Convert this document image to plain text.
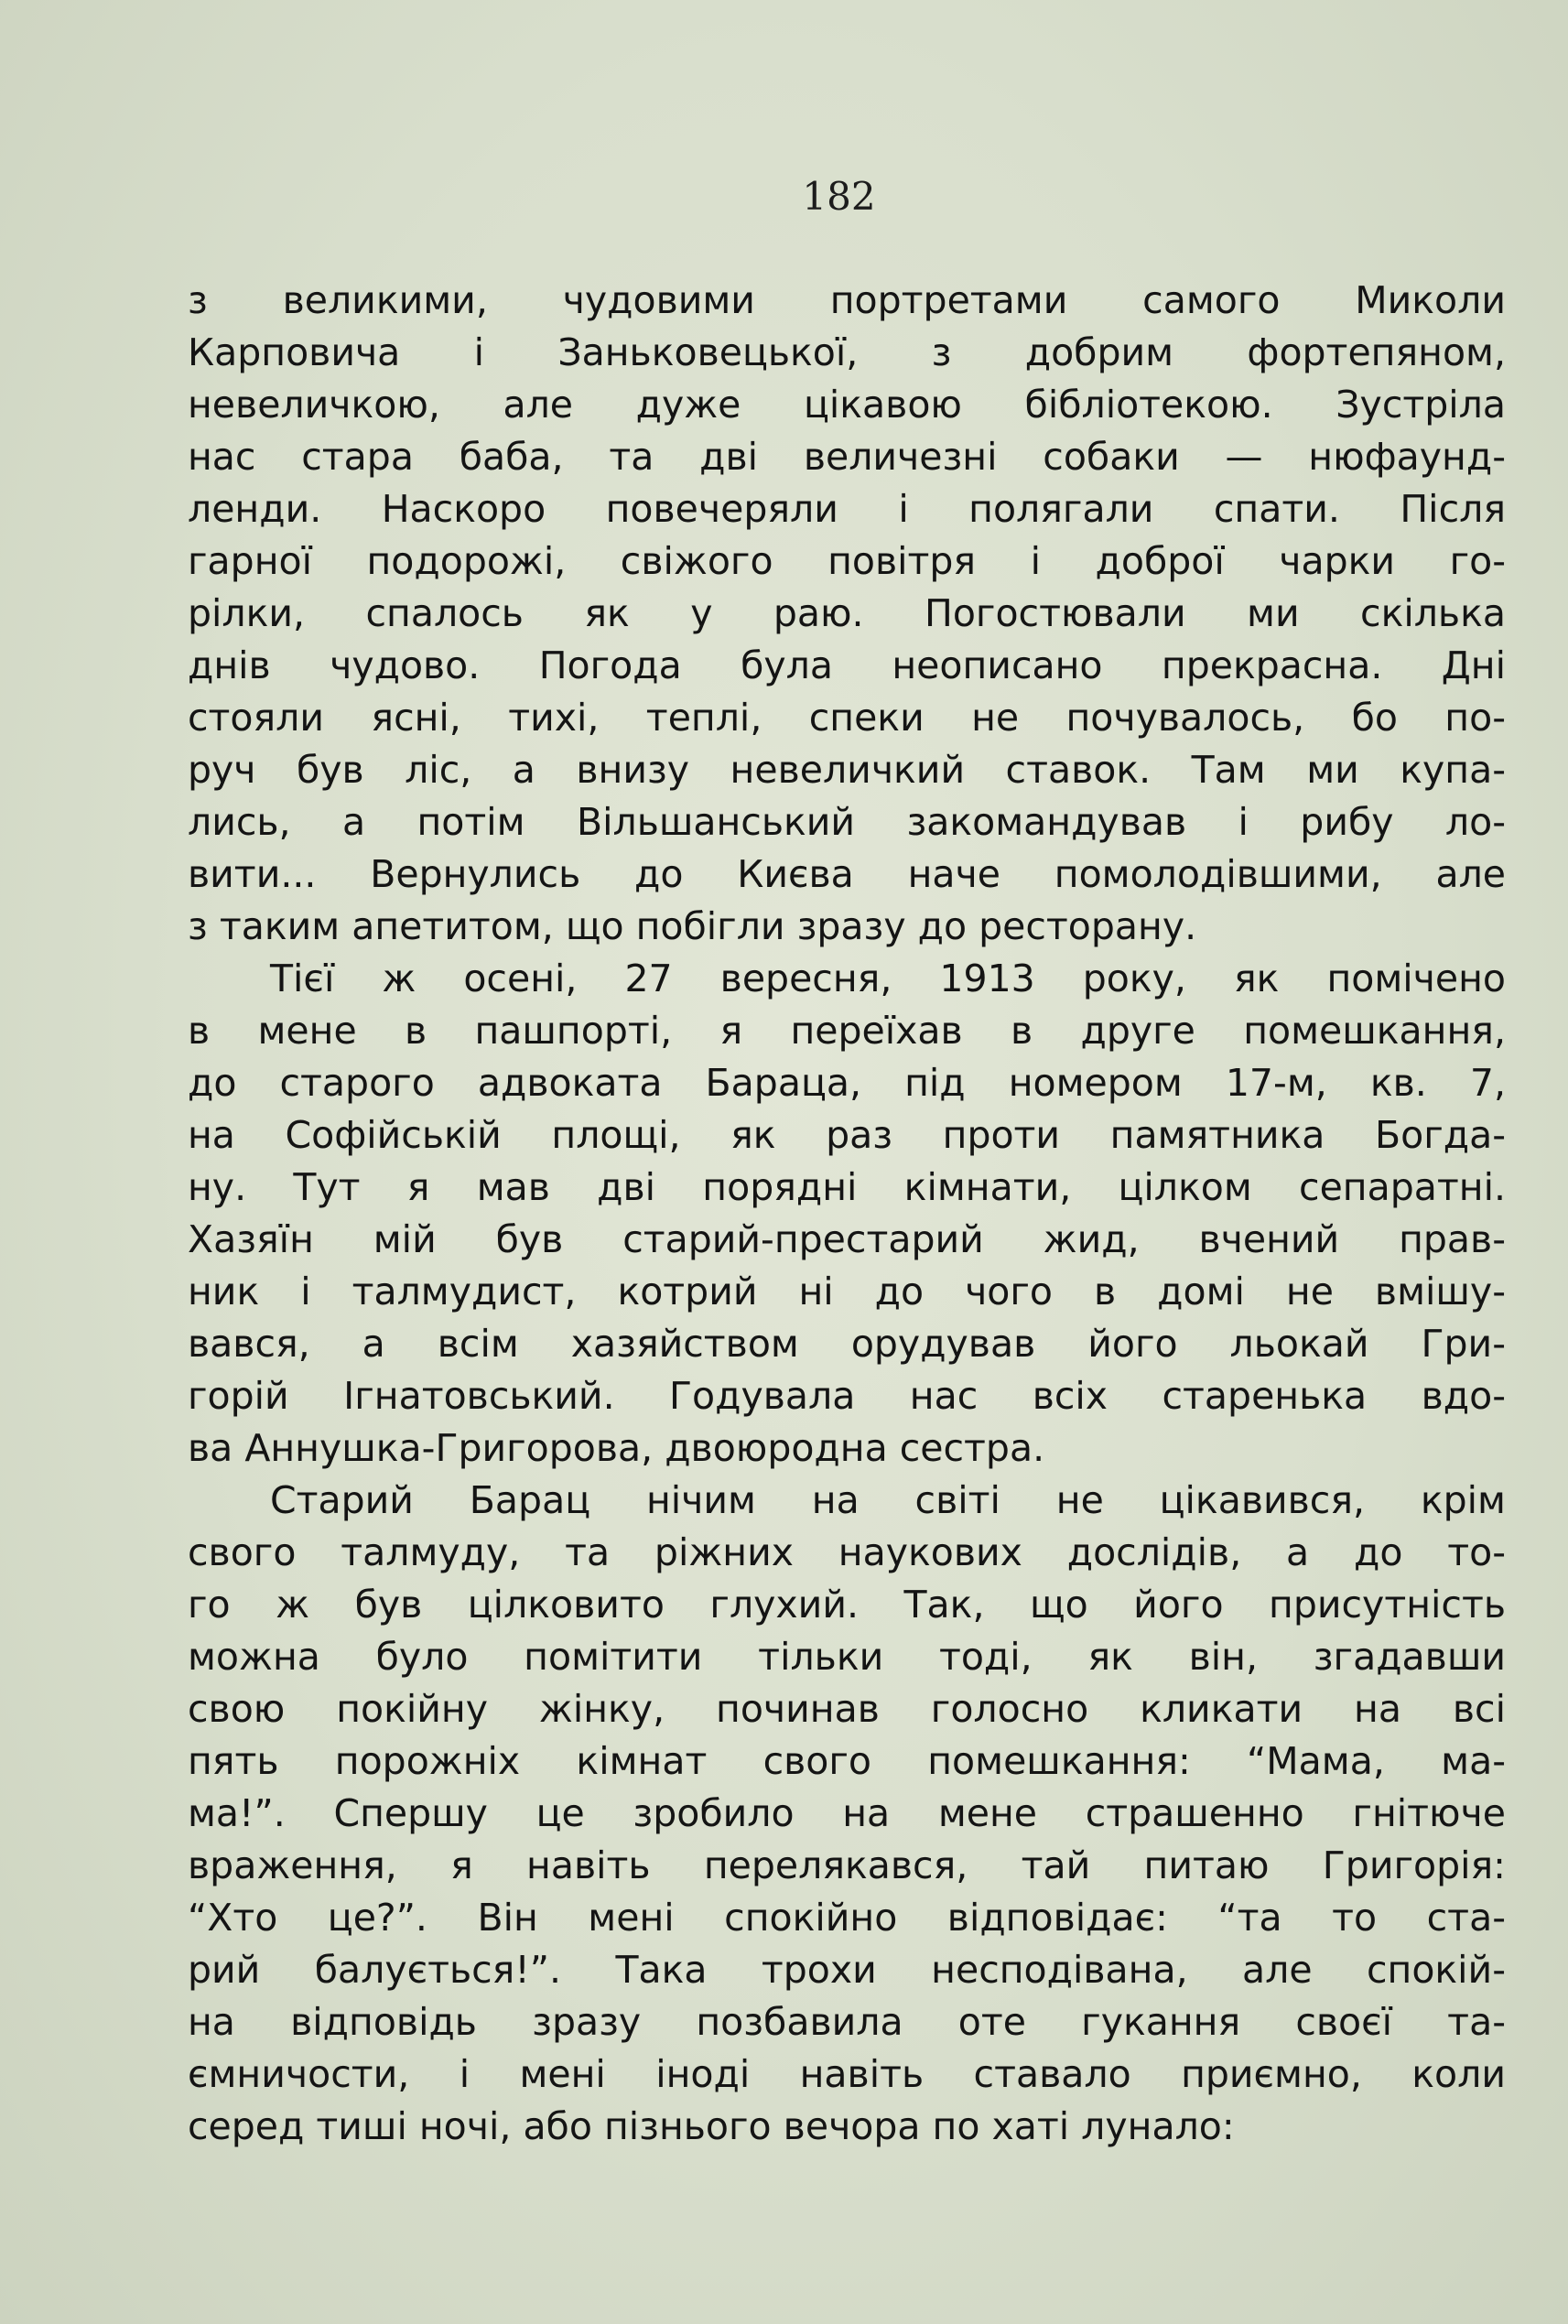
182
з великими, чудовими портретами самого Миколи
Карповича і Заньковецької, з добрим фортепяном,
невеличкою, але дуже цікавою бібліотекою. Зустріла
нас стара баба, та дві величезні собаки — нюфаунд-
ленди. Наскоро повечеряли і полягали спати. Після
гарної подорожі, свіжого повітря і доброї чарки го-
рілки, спалось як у раю. Погостювали ми скілька
днів чудово. Погода була неописано прекрасна. Дні
стояли ясні, тихі, теплі, спеки не почувалось, бо по-
руч був ліс, а внизу невеличкий ставок. Там ми купа-
лись, а потім Вільшанський закомандував і рибу ло-
вити... Вернулись до Києва наче помолодівшими, але
з таким апетитом, що побігли зразу до ресторану.
Тієї ж осені, 27 вересня, 1913 року, як помічено
в мене в пашпорті, я переїхав в друге помешкання,
до старого адвоката Бараца, під номером 17-м, кв. 7,
на Софійській площі, як раз проти памятника Богда-
ну. Тут я мав дві порядні кімнати, цілком сепаратні.
Хазяїн мій був старий-престарий жид, вчений прав-
ник і талмудист, котрий ні до чого в домі не вмішу-
вався, а всім хазяйством орудував його льокай Гри-
горій Ігнатовський. Годувала нас всіх старенька вдо-
ва Аннушка-Григорова, двоюродна сестра.
Старий Барац нічим на світі не цікавився, крім
свого талмуду, та ріжних наукових дослідів, а до то-
го ж був цілковито глухий. Так, що його присутність
можна було помітити тільки тоді, як він, згадавши
свою покійну жінку, починав голосно кликати на всі
пять порожніх кімнат свого помешкання: “Мама, ма-
ма!”. Спершу це зробило на мене страшенно гнітюче
враження, я навіть перелякався, тай питаю Григорія:
“Хто це?”. Він мені спокійно відповідає: “та то ста-
рий балується!”. Така трохи несподівана, але спокій-
на відповідь зразу позбавила оте гукання своєї та-
ємничости, і мені іноді навіть ставало приємно, коли
серед тиші ночі, або пізнього вечора по хаті лунало:
